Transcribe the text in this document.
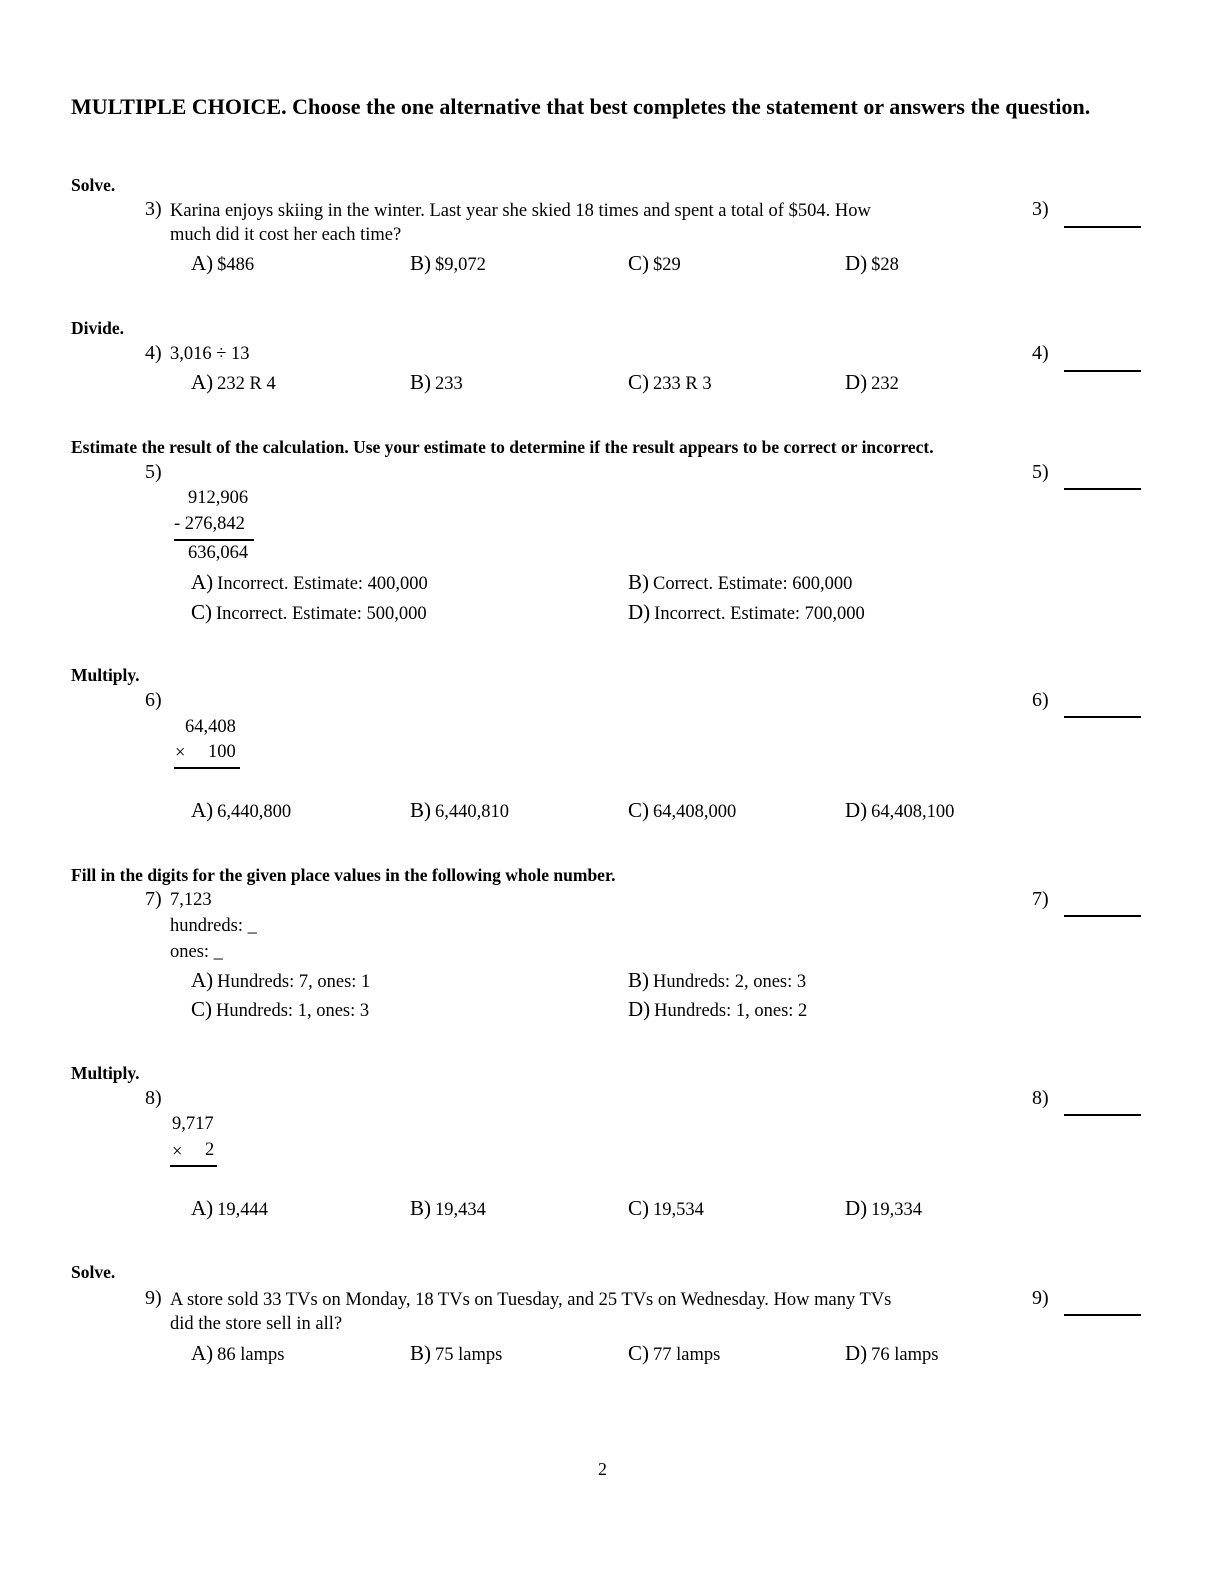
MULTIPLE CHOICE. Choose the one alternative that best completes the statement or answers the question.
Solve.
3) Karina enjoys skiing in the winter. Last year she skied 18 times and spent a total of $504. How
much did it cost her each time?
3)
A) $486	B) $9,072	C) $29	D) $28
Divide.
4) 3,016 ÷ 13	4)
A) 232 R 4	B) 233	C) 233 R 3	D) 232
Estimate the result of the calculation. Use your estimate to determine if the result appears to be correct or incorrect.
5)	5)
912,906
- 276,842
636,064
A) Incorrect. Estimate: 400,000	B) Correct. Estimate: 600,000
C) Incorrect. Estimate: 500,000	D) Incorrect. Estimate: 700,000
Multiply.
6)	6)
64,408
× 100
A) 6,440,800	B) 6,440,810	C) 64,408,000	D) 64,408,100
Fill in the digits for the given place values in the following whole number.
7) 7,123
hundreds: _
ones: _
7)
A) Hundreds: 7, ones: 1	B) Hundreds: 2, ones: 3
C) Hundreds: 1, ones: 3	D) Hundreds: 1, ones: 2
Multiply.
8)	8)
9,717
× 2
A) 19,444	B) 19,434	C) 19,534	D) 19,334
Solve.
9) A store sold 33 TVs on Monday, 18 TVs on Tuesday, and 25 TVs on Wednesday. How many TVs
did the store sell in all?
9)
A) 86 lamps	B) 75 lamps	C) 77 lamps	D) 76 lamps
2
